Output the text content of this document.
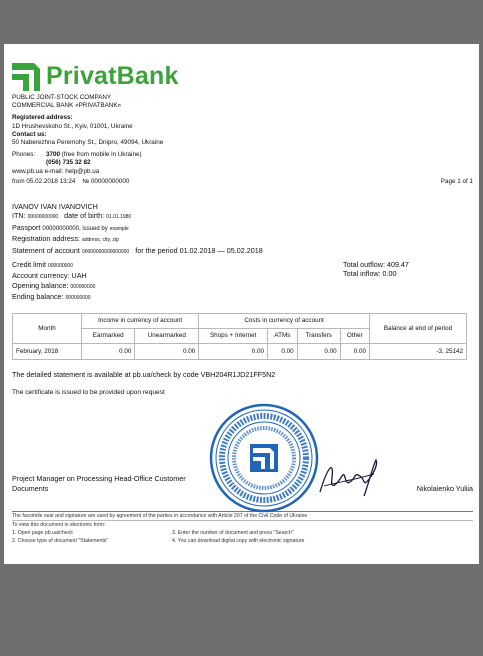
PrivatBank
PUBLIC JOINT-STOCK COMPANY
COMMERCIAL BANK «PRIVATBANK»
Registered address:
1D Hrushevskoho St., Kyiv, 01001, Ukraine
Contact us:
50 Naberezhna Peremohy St., Dnipro, 49094, Ukraine
Phones:	3700 (free from mobile in Ukraine)
(056) 735 32 82
www.pb.ua e-mail: help@pb.ua
from 05.02.2018 13:24 № 00000000000	Page 1 of 1
IVANOV IVAN IVANOVICH
ITN: 00000000000 date of birth: 01.01.1980
Passport 00000000000, issued by example
Registration address: address, city, zip
Statement of account 00000000000000000 for the period 01.02.2018 — 05.02.2018
Credit limit 000000000
Account currency: UAH
Opening balance: 000000000
Ending balance: 000000000
Total outflow: 409.47
Total inflow: 0.00
Month	Income in currency of account		Costs in currency of account				Balance at end of period
	Earmarked	Unearmarked	Shops + Internet	ATMs	Transfers	Other	
February, 2018	0.00	0.00	0.00	0.00	0.00	0.00	-3, 25142
The detailed statement is available at pb.ua/check by code VBH204R1JD21FF5N2
The certificate is issued to be provided upon request
Project Manager on Processing Head-Office Customer
Documents	Nikolaienko Yuliia
The facsimile seal and signature are used by agreement of the parties in accordance with Article 207 of the Civil Code of Ukraine
To view this document in electronic form:
1. Open page pb.ua/check	3. Enter the number of document and press "Search"
2. Choose type of document "Statements"	4. You can download digital copy with electronic signature
